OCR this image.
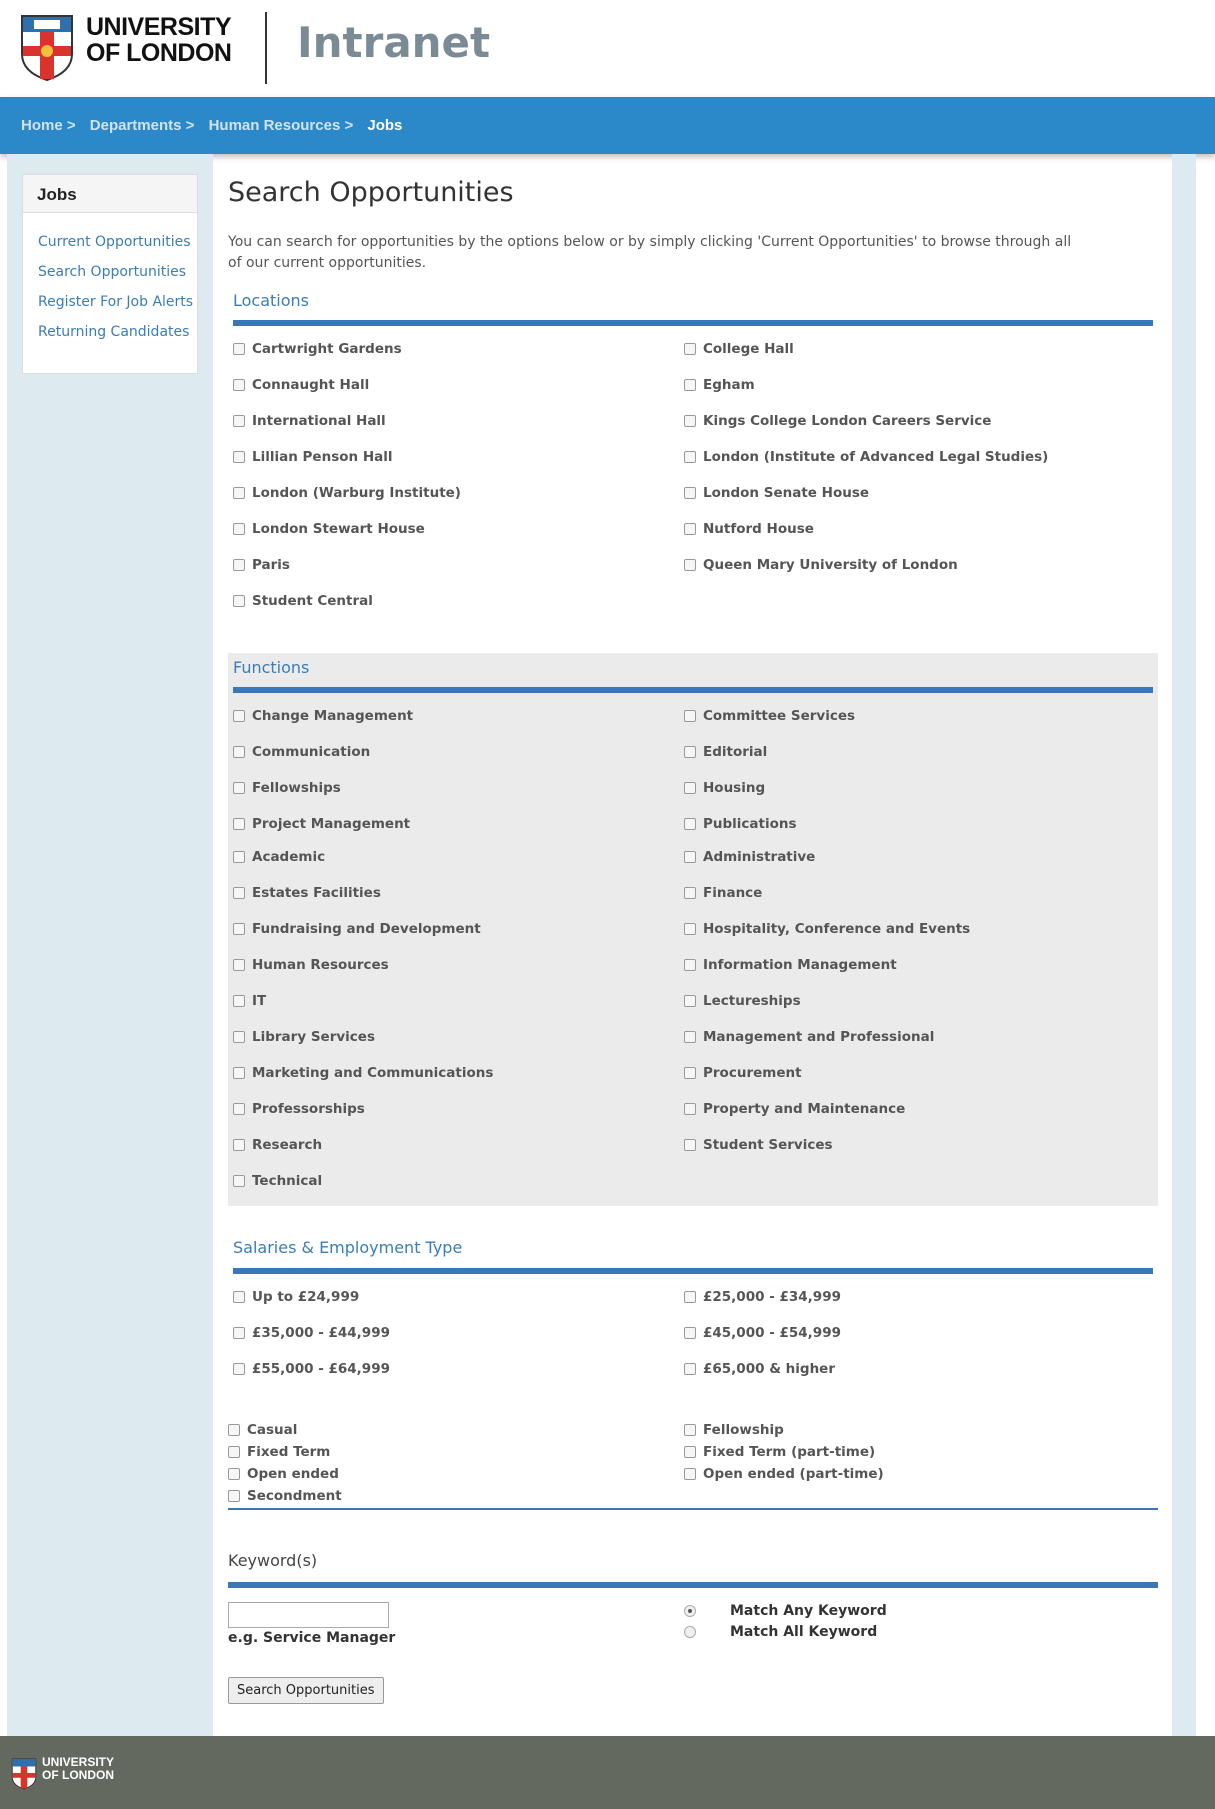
UNIVERSITY
OF LONDON Intranet
Home > Departments > Human Resources > Jobs
Jobs
Current Opportunities
Search Opportunities
Register For Job Alerts
Returning Candidates
Search Opportunities

You can search for opportunities by the options below or by simply clicking 'Current Opportunities' to browse through all of our current opportunities.

Locations
Cartwright Gardens
Connaught Hall
International Hall
Lillian Penson Hall
London (Warburg Institute)
London Stewart House
Paris
Student Central
College Hall
Egham
Kings College London Careers Service
London (Institute of Advanced Legal Studies)
London Senate House
Nutford House
Queen Mary University of London
Functions
Change Management
Communication
Fellowships
Project Management
Academic
Estates Facilities
Fundraising and Development
Human Resources
IT
Library Services
Marketing and Communications
Professorships
Research
Technical
Committee Services
Editorial
Housing
Publications
Administrative
Finance
Hospitality, Conference and Events
Information Management
Lectureships
Management and Professional
Procurement
Property and Maintenance
Student Services
Salaries & Employment Type
Up to £24,999
£35,000 - £44,999
£55,000 - £64,999
£25,000 - £34,999
£45,000 - £54,999
£65,000 & higher
Casual
Fixed Term
Open ended
Secondment
Fellowship
Fixed Term (part-time)
Open ended (part-time)
Keyword(s)
e.g. Service Manager
Match Any Keyword
Match All Keyword
Search Opportunities
UNIVERSITY
OF LONDON
